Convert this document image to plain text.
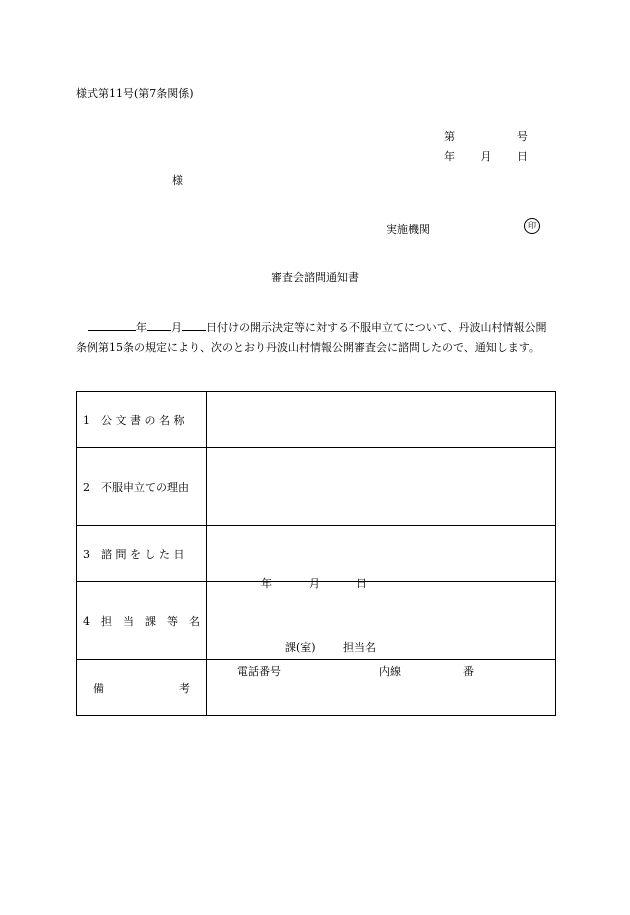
様式第11号(第7条関係)
第	号
年 月 日
様
実施機関	印
審査会諮問通知書
年 月 日付けの開示決定等に対する不服申立てについて、丹波山村情報公開条例第15条の規定により、次のとおり丹波山村情報公開審査会に諮問したので、通知します。
1　公 文 書 の 名 称	
2　不服申立ての理由	
3　諮 問 を し た 日	年 月 日

4　担　当　課　等　名	課(室) 担当名
電話番号 内線 番

備 考	
